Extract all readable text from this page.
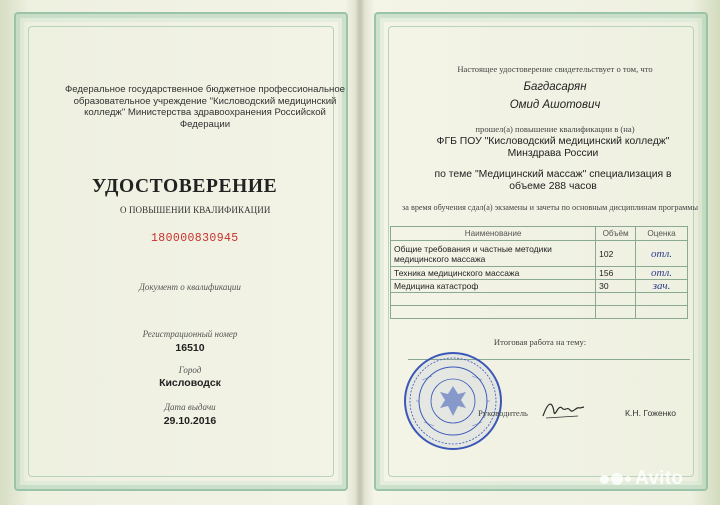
Федеральное государственное бюджетное профессиональное образовательное учреждение "Кисловодский медицинский колледж" Министерства здравоохранения Российской Федерации
УДОСТОВЕРЕНИЕ
О ПОВЫШЕНИИ КВАЛИФИКАЦИИ
180000830945
Документ о квалификации
Регистрационный номер
16510
Город
Кисловодск
Дата выдачи
29.10.2016
Настоящее удостоверение свидетельствует о том, что
Багдасарян
Омид Ашотович
прошел(а) повышение квалификации в (на)
ФГБ ПОУ "Кисловодский медицинский колледж" Минздрава России
по теме "Медицинский массаж" специализация в объеме 288 часов
за время обучения сдал(а) экзамены и зачеты по основным дисциплинам программы
Наименование	Объём	Оценка
Общие требования и частные методики медицинского массажа	102	отл.
Техника медицинского массажа	156	отл.
Медицина катастроф	30	зач.

Итоговая работа на тему:
Руководитель	К.Н. Гоженко
Avito
